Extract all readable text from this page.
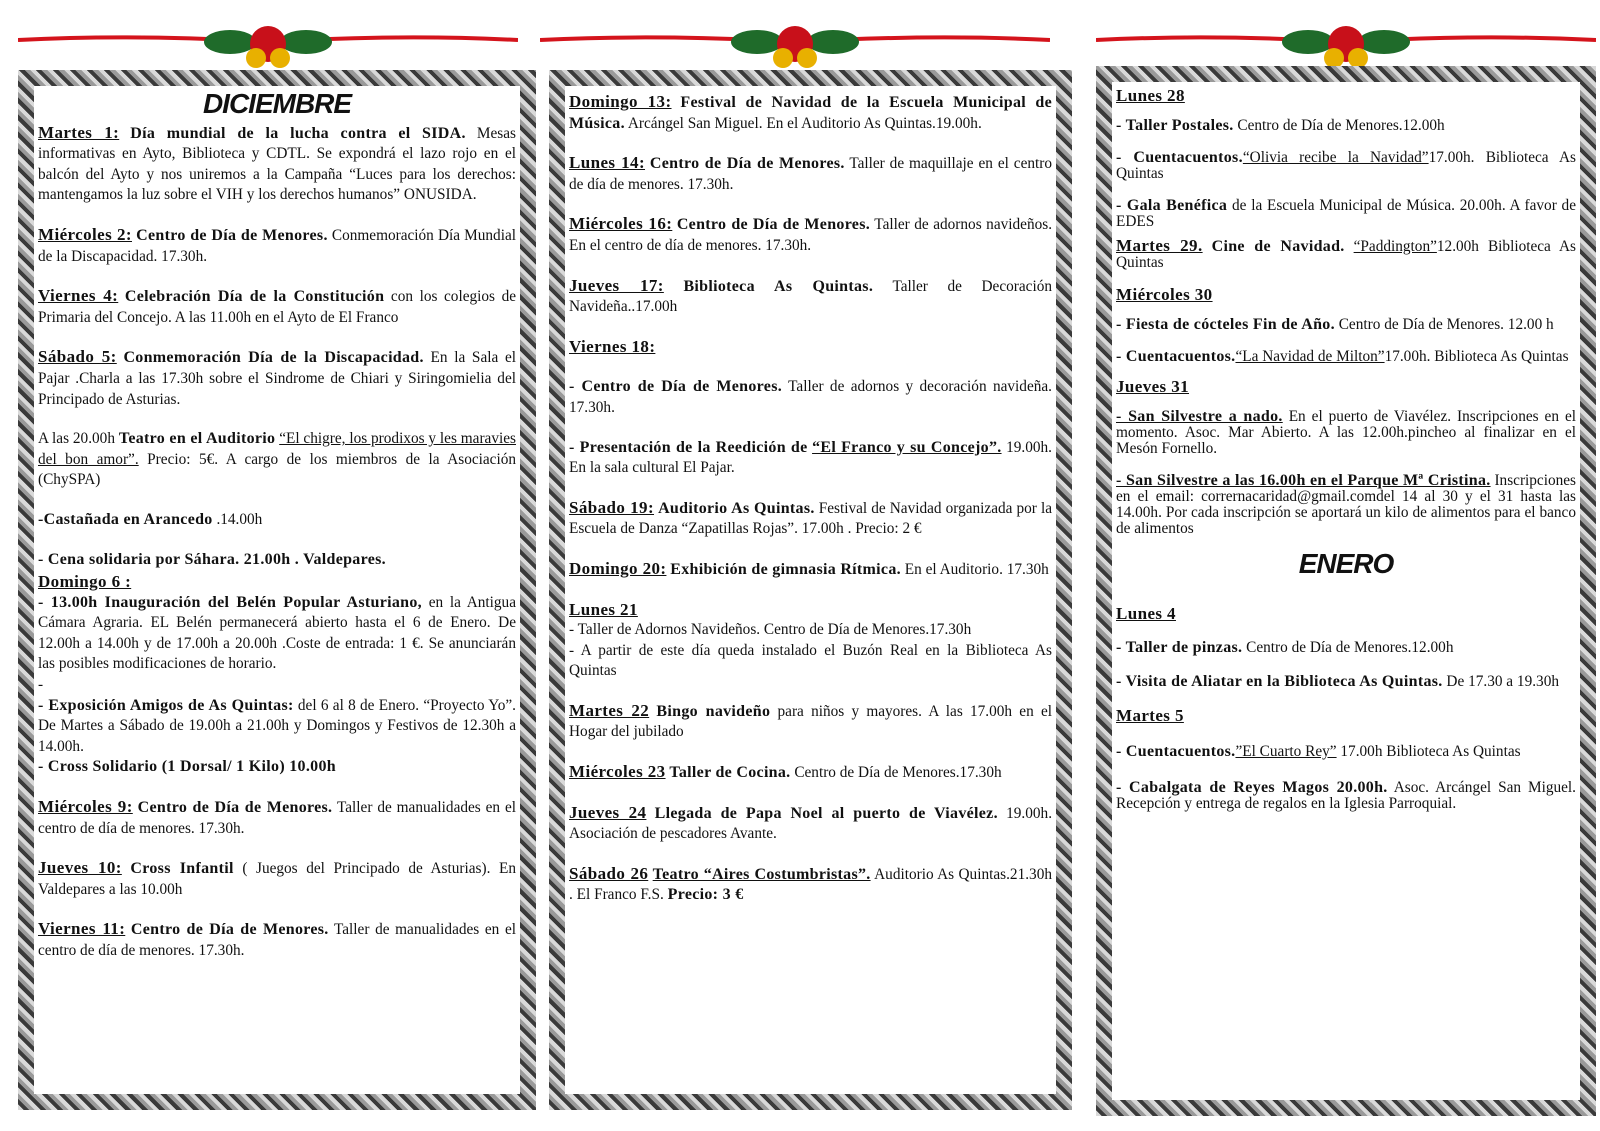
DICIEMBRE
Martes 1: Día mundial de la lucha contra el SIDA. Mesas informativas en Ayto, Biblioteca y CDTL. Se expondrá el lazo rojo en el balcón del Ayto y nos uniremos a la Campaña “Luces para los derechos: mantengamos la luz sobre el VIH y los derechos humanos” ONUSIDA.
Miércoles 2: Centro de Día de Menores. Conmemoración Día Mundial de la Discapacidad. 17.30h.
Viernes 4: Celebración Día de la Constitución con los colegios de Primaria del Concejo. A las 11.00h en el Ayto de El Franco
Sábado 5: Conmemoración Día de la Discapacidad. En la Sala el Pajar .Charla a las 17.30h sobre el Sindrome de Chiari y Siringomielia del Principado de Asturias.
A las 20.00h Teatro en el Auditorio “El chigre, los prodixos y les maravies del bon amor”. Precio: 5€. A cargo de los miembros de la Asociación (ChySPA)
-Castañada en Arancedo .14.00h
- Cena solidaria por Sáhara. 21.00h . Valdepares.
Domingo 6 :
- 13.00h Inauguración del Belén Popular Asturiano, en la Antigua Cámara Agraria. EL Belén permanecerá abierto hasta el 6 de Enero. De 12.00h a 14.00h y de 17.00h a 20.00h .Coste de entrada: 1 €. Se anunciarán las posibles modificaciones de horario.
-
- Exposición Amigos de As Quintas: del 6 al 8 de Enero. “Proyecto Yo”. De Martes a Sábado de 19.00h a 21.00h y Domingos y Festivos de 12.30h a 14.00h.
- Cross Solidario (1 Dorsal/ 1 Kilo) 10.00h
Miércoles 9: Centro de Día de Menores. Taller de manualidades en el centro de día de menores. 17.30h.
Jueves 10: Cross Infantil ( Juegos del Principado de Asturias). En Valdepares a las 10.00h
Viernes 11: Centro de Día de Menores. Taller de manualidades en el centro de día de menores. 17.30h.
Domingo 13: Festival de Navidad de la Escuela Municipal de Música. Arcángel San Miguel. En el Auditorio As Quintas.19.00h.
Lunes 14: Centro de Día de Menores. Taller de maquillaje en el centro de día de menores. 17.30h.
Miércoles 16: Centro de Día de Menores. Taller de adornos navideños. En el centro de día de menores. 17.30h.
Jueves 17: Biblioteca As Quintas. Taller de Decoración Navideña..17.00h
Viernes 18:
- Centro de Día de Menores. Taller de adornos y decoración navideña. 17.30h.
- Presentación de la Reedición de “El Franco y su Concejo”. 19.00h. En la sala cultural El Pajar.
Sábado 19: Auditorio As Quintas. Festival de Navidad organizada por la Escuela de Danza “Zapatillas Rojas”. 17.00h . Precio: 2 €
Domingo 20: Exhibición de gimnasia Rítmica. En el Auditorio. 17.30h
Lunes 21
- Taller de Adornos Navideños. Centro de Día de Menores.17.30h
- A partir de este día queda instalado el Buzón Real en la Biblioteca As Quintas
Martes 22 Bingo navideño para niños y mayores. A las 17.00h en el Hogar del jubilado
Miércoles 23 Taller de Cocina. Centro de Día de Menores.17.30h
Jueves 24 Llegada de Papa Noel al puerto de Viavélez. 19.00h. Asociación de pescadores Avante.
Sábado 26 Teatro “Aires Costumbristas”. Auditorio As Quintas.21.30h . El Franco F.S. Precio: 3 €
Lunes 28
- Taller Postales. Centro de Día de Menores.12.00h
- Cuentacuentos.“Olivia recibe la Navidad”17.00h. Biblioteca As Quintas
- Gala Benéfica de la Escuela Municipal de Música. 20.00h. A favor de EDES
Martes 29. Cine de Navidad. “Paddington”12.00h Biblioteca As Quintas
Miércoles 30
- Fiesta de cócteles Fin de Año. Centro de Día de Menores. 12.00 h
- Cuentacuentos.“La Navidad de Milton”17.00h. Biblioteca As Quintas
Jueves 31
- San Silvestre a nado. En el puerto de Viavélez. Inscripciones en el momento. Asoc. Mar Abierto. A las 12.00h.pincheo al finalizar en el Mesón Fornello.
- San Silvestre a las 16.00h en el Parque Mª Cristina. Inscripciones en el email: corrernacaridad@gmail.comdel 14 al 30 y el 31 hasta las 14.00h. Por cada inscripción se aportará un kilo de alimentos para el banco de alimentos
ENERO
Lunes 4
- Taller de pinzas. Centro de Día de Menores.12.00h
- Visita de Aliatar en la Biblioteca As Quintas. De 17.30 a 19.30h
Martes 5
- Cuentacuentos.”El Cuarto Rey” 17.00h Biblioteca As Quintas
- Cabalgata de Reyes Magos 20.00h. Asoc. Arcángel San Miguel. Recepción y entrega de regalos en la Iglesia Parroquial.
